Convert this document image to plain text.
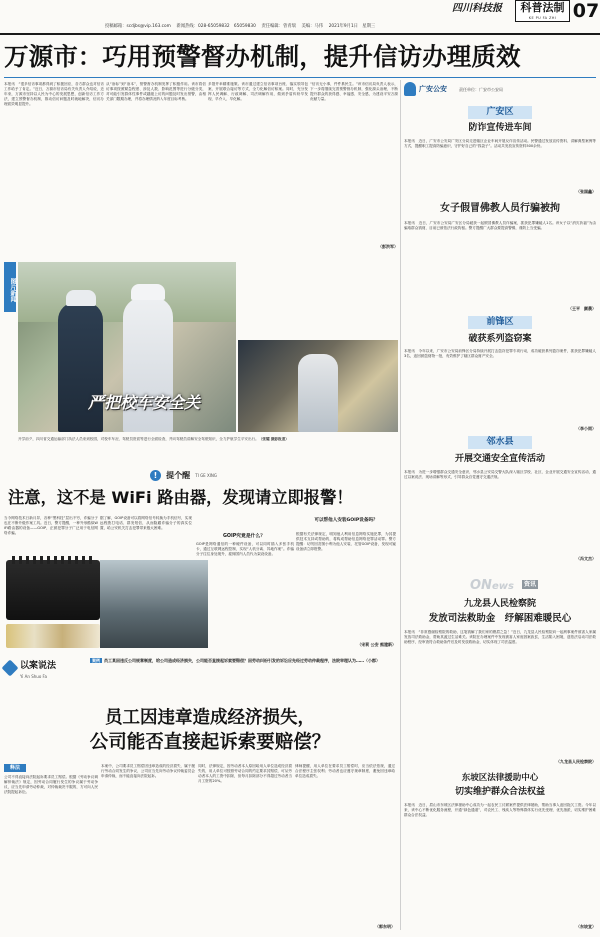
投稿邮箱：scdjbs@vip.163.com　 新闻热线：028-65059832　65059830　 责任编辑：曾青瑞　 美编：马伟　 2021年9月1日　星期三
四川科技报	科普法制
KE PU FA ZHI 07
万源市：巧用预警督办机制，提升信访办理质效
本报讯　“很多信访事项都得到了积极回应，各方群众也对信访工作给予了肯定。”近日，万源市信访局有关负责人介绍说，近年来，万源市坚持以人民为中心的发展思想，创新信访工作方法，建立预警督办机制，推动信访问题及时就地解决，信访办理质效明显提升。
从“治标”到“治本”，预警督办机制发挥了积极作用。该市将信访事项按照紧急程度、涉及人数、影响范围等进行分级分类，对可能引发群体性事件或越级上访的问题及时发出预警，由相关部门限期办理，并将办理情况纳入年度目标考核。
多措并举精准施策。该市通过建立信访事项台账、落实领导包案、开展联合接访等方式，全力化解信访积案。同时，充分发挥人民调解、行政调解、司法调解作用，做到矛盾纠纷早发现、早介入、早化解。
“信访无小事，件件系民生。”该市信访局负责人表示，下一步将继续完善预警督办机制，强化源头治理，不断提升群众的获得感、幸福感、安全感，为建设平安万源贡献力量。
（彭洪军）
图片新闻
严把校车安全关
开学前夕，四川省交通运输部门执法人员来到校园，对校车车况、驾驶员资质等进行全面检查，并向驾驶员讲解安全驾驶知识，全力护航学生平安出行。（张耀 摄影报道）
! 提个醒 TI GE XING
注意，这不是 WiFi 路由器，发现请立即报警！
当今网络技术日新月异，各种“黑科技”层出不穷，诈骗分子也在不断升级作案工具。近日，警方提醒，一种外形酷似WiFi路由器的设备——GOIP，正被犯罪分子广泛用于电信网络诈骗。
据了解，GOIP设备可以将网络信号转换为手机信号，实现远程拨打电话、群发短信，从而隐藏诈骗分子的真实位置，给公安机关打击犯罪带来极大困难。
GOIP究竟是什么？
GOIP是网络通信的一种硬件设备，可以同时插入多张手机卡，通过互联网远程控制，实现“人机分离、异地作案”。诈骗分子往往身处境外，雇佣国内人员代为架设设备。
可以帮他人安装GOIP设备吗？
根据有关法律规定，明知他人利用信息网络实施犯罪，为其提供技术支持或帮助的，将构成帮助信息网络犯罪活动罪。警方提醒：切勿因贪图小利为他人安装、托管GOIP设备，发现可疑设备请立即报警。
（宋莉 公安 熊建新）
以案说法
Yi An Shuo Fa
案例 员工某因违反公司规章制度，给公司造成经济损失，公司能否直接起诉索要赔偿？因劳动纠纷引发的诉讼应先经过劳动仲裁程序，法院审理认为……（小郡）
员工因违章造成经济损失，
公司能否直接起诉索要赔偿？
释法
公司不得直接向法院起诉要求员工赔偿。根据《劳动争议调解仲裁法》规定，因劳动合同履行发生的争议属于劳动争议，应当先申请劳动仲裁，对仲裁裁决不服的，方可向人民法院提起诉讼。
本案中，公司要求员工赔偿因违章造成的经济损失，属于履行劳动合同发生的争议，公司应当先向劳动争议仲裁委员会申请仲裁，而不能直接向法院起诉。
同时，法律规定，因劳动者本人原因给用人单位造成经济损失的，用人单位可按照劳动合同的约定要求其赔偿，可从劳动者本人的工资中扣除，但每月扣除部分不得超过劳动者当月工资的20%。
律师提醒，用人单位在要求员工赔偿时，应当依法依规，通过合法程序主张权利；劳动者也应遵守规章制度，避免因违章给单位造成损失。
（郭东明）
广安公安	责任单位：广安市公安局
广安区
防诈宣传进车间
本报讯　近日，广安市公安局广安区分局走进辖区企业车间开展反诈宣传活动。民警通过发放宣传资料、讲解典型案例等方式，提醒职工提高防骗意识，守护好自己的“钱袋子”。活动共发放宣传资料500余份。
（张国鑫）
女子假冒佛教人员行骗被拘
本报讯　近日，广安市公安局广安区分局破获一起假冒佛教人员诈骗案，抓获犯罪嫌疑人1名。该女子以“消灾祈福”为由骗取群众钱财，目前已被依法行政拘留。警方提醒广大群众要提高警惕，谨防上当受骗。
（王平　颜晨）
前锋区
破获系列盗窃案
本报讯　今年以来，广安市公安局前锋区分局持续开展打击盗窃犯罪专项行动，成功破获系列盗窃案件，抓获犯罪嫌疑人3名，追回被盗财物一批，有效维护了辖区群众财产安全。
（李小雨）
邻水县
开展交通安全宣传活动
本报讯　为进一步增强群众交通安全意识，邻水县公安局交警大队深入辖区学校、社区、企业开展交通安全宣传活动，通过以案说法、现场讲解等形式，引导群众自觉遵守交通法规。
（冯文杰）
ONews 资讯
九龙县人民检察院
发放司法救助金　纾解困难暖民心
本报讯　“非常感谢检察院的救助，这笔钱解了我们家的燃眉之急！”近日，九龙县人民检察院向一起刑事案件被害人家属发放司法救助金，帮助其渡过生活难关。该院在办理案件中发现被害人家庭因案致贫，生活陷入困境，遂依法启动司法救助程序，经审查符合救助条件后及时发放救助金，切实体现了司法温度。
（九龙县人民检察院）
东坡区法律援助中心
切实维护群众合法权益
本报讯　近日，眉山市东坡区法律援助中心成功为一起农民工讨薪案件提供法律援助，帮助当事人追回拖欠工资。今年以来，该中心不断优化服务流程，开通“绿色通道”，对农民工、残疾人等特殊群体实行优先受理、优先指派，切实维护困难群众合法权益。
（东坡宣）
